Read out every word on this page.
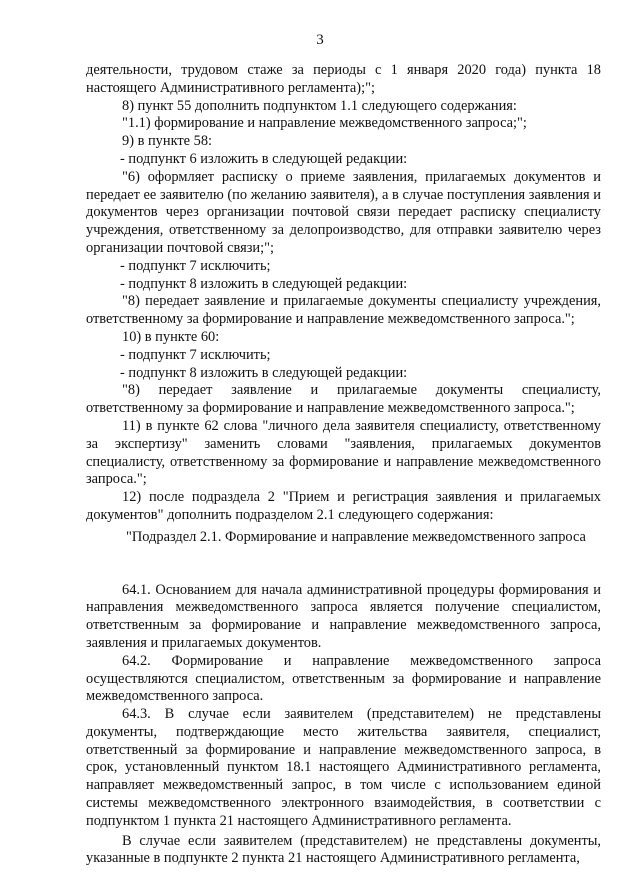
3

деятельности, трудовом стаже за периоды с 1 января 2020 года) пункта 18 настоящего Административного регламента);";

8) пункт 55 дополнить подпунктом 1.1 следующего содержания:

"1.1) формирование и направление межведомственного запроса;";

9) в пункте 58:

- подпункт 6 изложить в следующей редакции:

"6) оформляет расписку о приеме заявления, прилагаемых документов и передает ее заявителю (по желанию заявителя), а в случае поступления заявления и документов через организации почтовой связи передает расписку специалисту учреждения, ответственному за делопроизводство, для отправки заявителю через организации почтовой связи;";

- подпункт 7 исключить;

- подпункт 8 изложить в следующей редакции:

"8) передает заявление и прилагаемые документы специалисту учреждения, ответственному за формирование и направление межведомственного запроса.";

10) в пункте 60:

- подпункт 7 исключить;

- подпункт 8 изложить в следующей редакции:

"8) передает заявление и прилагаемые документы специалисту, ответственному за формирование и направление межведомственного запроса.";

11) в пункте 62 слова "личного дела заявителя специалисту, ответственному за экспертизу" заменить словами "заявления, прилагаемых документов специалисту, ответственному за формирование и направление межведомственного запроса.";

12) после подраздела 2 "Прием и регистрация заявления и прилагаемых документов" дополнить подразделом 2.1 следующего содержания:

"Подраздел 2.1. Формирование и направление межведомственного запроса

64.1. Основанием для начала административной процедуры формирования и направления межведомственного запроса является получение специалистом, ответственным за формирование и направление межведомственного запроса, заявления и прилагаемых документов.

64.2. Формирование и направление межведомственного запроса осуществляются специалистом, ответственным за формирование и направление межведомственного запроса.

64.3. В случае если заявителем (представителем) не представлены документы, подтверждающие место жительства заявителя, специалист, ответственный за формирование и направление межведомственного запроса, в срок, установленный пунктом 18.1 настоящего Административного регламента, направляет межведомственный запрос, в том числе с использованием единой системы межведомственного электронного взаимодействия, в соответствии с подпунктом 1 пункта 21 настоящего Административного регламента.

В случае если заявителем (представителем) не представлены документы, указанные в подпункте 2 пункта 21 настоящего Административного регламента,
